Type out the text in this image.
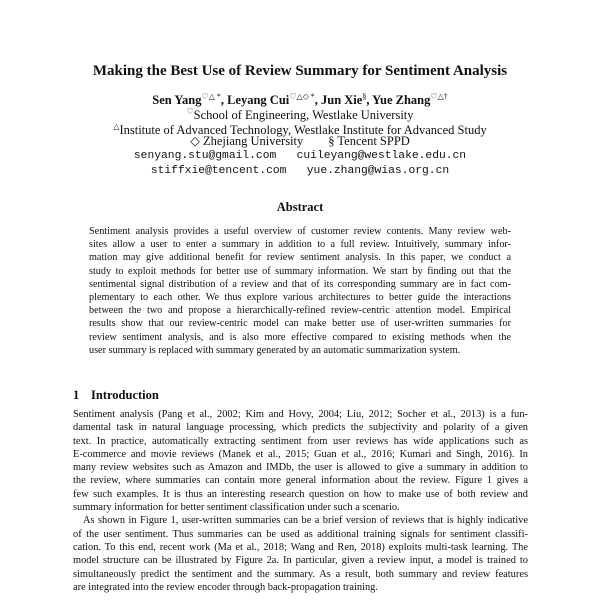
Making the Best Use of Review Summary for Sentiment Analysis
Sen Yang♡△ *, Leyang Cui♡△◇ *, Jun Xie§, Yue Zhang♡△†
♡School of Engineering, Westlake University
△Institute of Advanced Technology, Westlake Institute for Advanced Study
◇ Zhejiang University        § Tencent SPPD
senyang.stu@gmail.com   cuileyang@westlake.edu.cn
stiffxie@tencent.com   yue.zhang@wias.org.cn
Abstract
Sentiment analysis provides a useful overview of customer review contents. Many review web-
sites allow a user to enter a summary in addition to a full review. Intuitively, summary infor-
mation may give additional benefit for review sentiment analysis. In this paper, we conduct a
study to exploit methods for better use of summary information. We start by finding out that the
sentimental signal distribution of a review and that of its corresponding summary are in fact com-
plementary to each other. We thus explore various architectures to better guide the interactions
between the two and propose a hierarchically-refined review-centric attention model. Empirical
results show that our review-centric model can make better use of user-written summaries for
review sentiment analysis, and is also more effective compared to existing methods when the
user summary is replaced with summary generated by an automatic summarization system.
1 Introduction
Sentiment analysis (Pang et al., 2002; Kim and Hovy, 2004; Liu, 2012; Socher et al., 2013) is a fun-
damental task in natural language processing, which predicts the subjectivity and polarity of a given
text. In practice, automatically extracting sentiment from user reviews has wide applications such as
E-commerce and movie reviews (Manek et al., 2015; Guan et al., 2016; Kumari and Singh, 2016). In
many review websites such as Amazon and IMDb, the user is allowed to give a summary in addition to
the review, where summaries can contain more general information about the review. Figure 1 gives a
few such examples. It is thus an interesting research question on how to make use of both review and
summary information for better sentiment classification under such a scenario.
As shown in Figure 1, user-written summaries can be a brief version of reviews that is highly indicative
of the user sentiment. Thus summaries can be used as additional training signals for sentiment classifi-
cation. To this end, recent work (Ma et al., 2018; Wang and Ren, 2018) exploits multi-task learning. The
model structure can be illustrated by Figure 2a. In particular, given a review input, a model is trained to
simultaneously predict the sentiment and the summary. As a result, both summary and review features
are integrated into the review encoder through back-propagation training.
